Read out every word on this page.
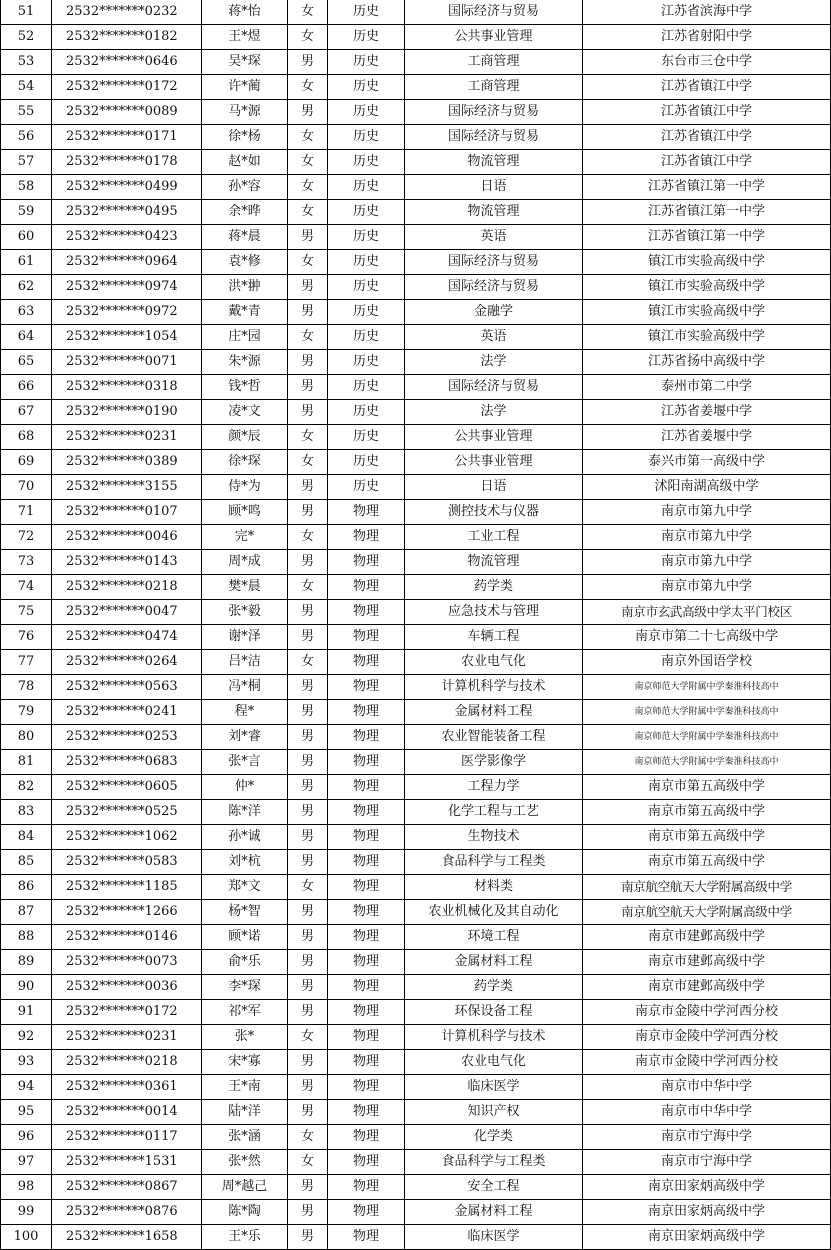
51	2532*******0232	蒋*怡	女	历史	国际经济与贸易	江苏省滨海中学
52	2532*******0182	王*煜	女	历史	公共事业管理	江苏省射阳中学
53	2532*******0646	吴*琛	男	历史	工商管理	东台市三仓中学
54	2532*******0172	许*蔺	女	历史	工商管理	江苏省镇江中学
55	2532*******0089	马*源	男	历史	国际经济与贸易	江苏省镇江中学
56	2532*******0171	徐*杨	女	历史	国际经济与贸易	江苏省镇江中学
57	2532*******0178	赵*如	女	历史	物流管理	江苏省镇江中学
58	2532*******0499	孙*容	女	历史	日语	江苏省镇江第一中学
59	2532*******0495	余*晔	女	历史	物流管理	江苏省镇江第一中学
60	2532*******0423	蒋*晨	男	历史	英语	江苏省镇江第一中学
61	2532*******0964	袁*修	女	历史	国际经济与贸易	镇江市实验高级中学
62	2532*******0974	洪*翀	男	历史	国际经济与贸易	镇江市实验高级中学
63	2532*******0972	戴*青	男	历史	金融学	镇江市实验高级中学
64	2532*******1054	庄*园	女	历史	英语	镇江市实验高级中学
65	2532*******0071	朱*源	男	历史	法学	江苏省扬中高级中学
66	2532*******0318	钱*哲	男	历史	国际经济与贸易	泰州市第二中学
67	2532*******0190	凌*文	男	历史	法学	江苏省姜堰中学
68	2532*******0231	颜*辰	女	历史	公共事业管理	江苏省姜堰中学
69	2532*******0389	徐*琛	女	历史	公共事业管理	泰兴市第一高级中学
70	2532*******3155	侍*为	男	历史	日语	沭阳南湖高级中学
71	2532*******0107	顾*鸣	男	物理	测控技术与仪器	南京市第九中学
72	2532*******0046	完*	女	物理	工业工程	南京市第九中学
73	2532*******0143	周*成	男	物理	物流管理	南京市第九中学
74	2532*******0218	樊*晨	女	物理	药学类	南京市第九中学
75	2532*******0047	张*毅	男	物理	应急技术与管理	南京市玄武高级中学太平门校区
76	2532*******0474	谢*泽	男	物理	车辆工程	南京市第二十七高级中学
77	2532*******0264	吕*洁	女	物理	农业电气化	南京外国语学校
78	2532*******0563	冯*桐	男	物理	计算机科学与技术	南京师范大学附属中学秦淮科技高中
79	2532*******0241	程*	男	物理	金属材料工程	南京师范大学附属中学秦淮科技高中
80	2532*******0253	刘*睿	男	物理	农业智能装备工程	南京师范大学附属中学秦淮科技高中
81	2532*******0683	张*言	男	物理	医学影像学	南京师范大学附属中学秦淮科技高中
82	2532*******0605	仲*	男	物理	工程力学	南京市第五高级中学
83	2532*******0525	陈*洋	男	物理	化学工程与工艺	南京市第五高级中学
84	2532*******1062	孙*诚	男	物理	生物技术	南京市第五高级中学
85	2532*******0583	刘*杭	男	物理	食品科学与工程类	南京市第五高级中学
86	2532*******1185	郑*文	女	物理	材料类	南京航空航天大学附属高级中学
87	2532*******1266	杨*智	男	物理	农业机械化及其自动化	南京航空航天大学附属高级中学
88	2532*******0146	顾*诺	男	物理	环境工程	南京市建邺高级中学
89	2532*******0073	俞*乐	男	物理	金属材料工程	南京市建邺高级中学
90	2532*******0036	李*琛	男	物理	药学类	南京市建邺高级中学
91	2532*******0172	祁*军	男	物理	环保设备工程	南京市金陵中学河西分校
92	2532*******0231	张*	女	物理	计算机科学与技术	南京市金陵中学河西分校
93	2532*******0218	宋*寡	男	物理	农业电气化	南京市金陵中学河西分校
94	2532*******0361	王*南	男	物理	临床医学	南京市中华中学
95	2532*******0014	陆*洋	男	物理	知识产权	南京市中华中学
96	2532*******0117	张*涵	女	物理	化学类	南京市宁海中学
97	2532*******1531	张*然	女	物理	食品科学与工程类	南京市宁海中学
98	2532*******0867	周*越己	男	物理	安全工程	南京田家炳高级中学
99	2532*******0876	陈*陶	男	物理	金属材料工程	南京田家炳高级中学
100	2532*******1658	王*乐	男	物理	临床医学	南京田家炳高级中学
